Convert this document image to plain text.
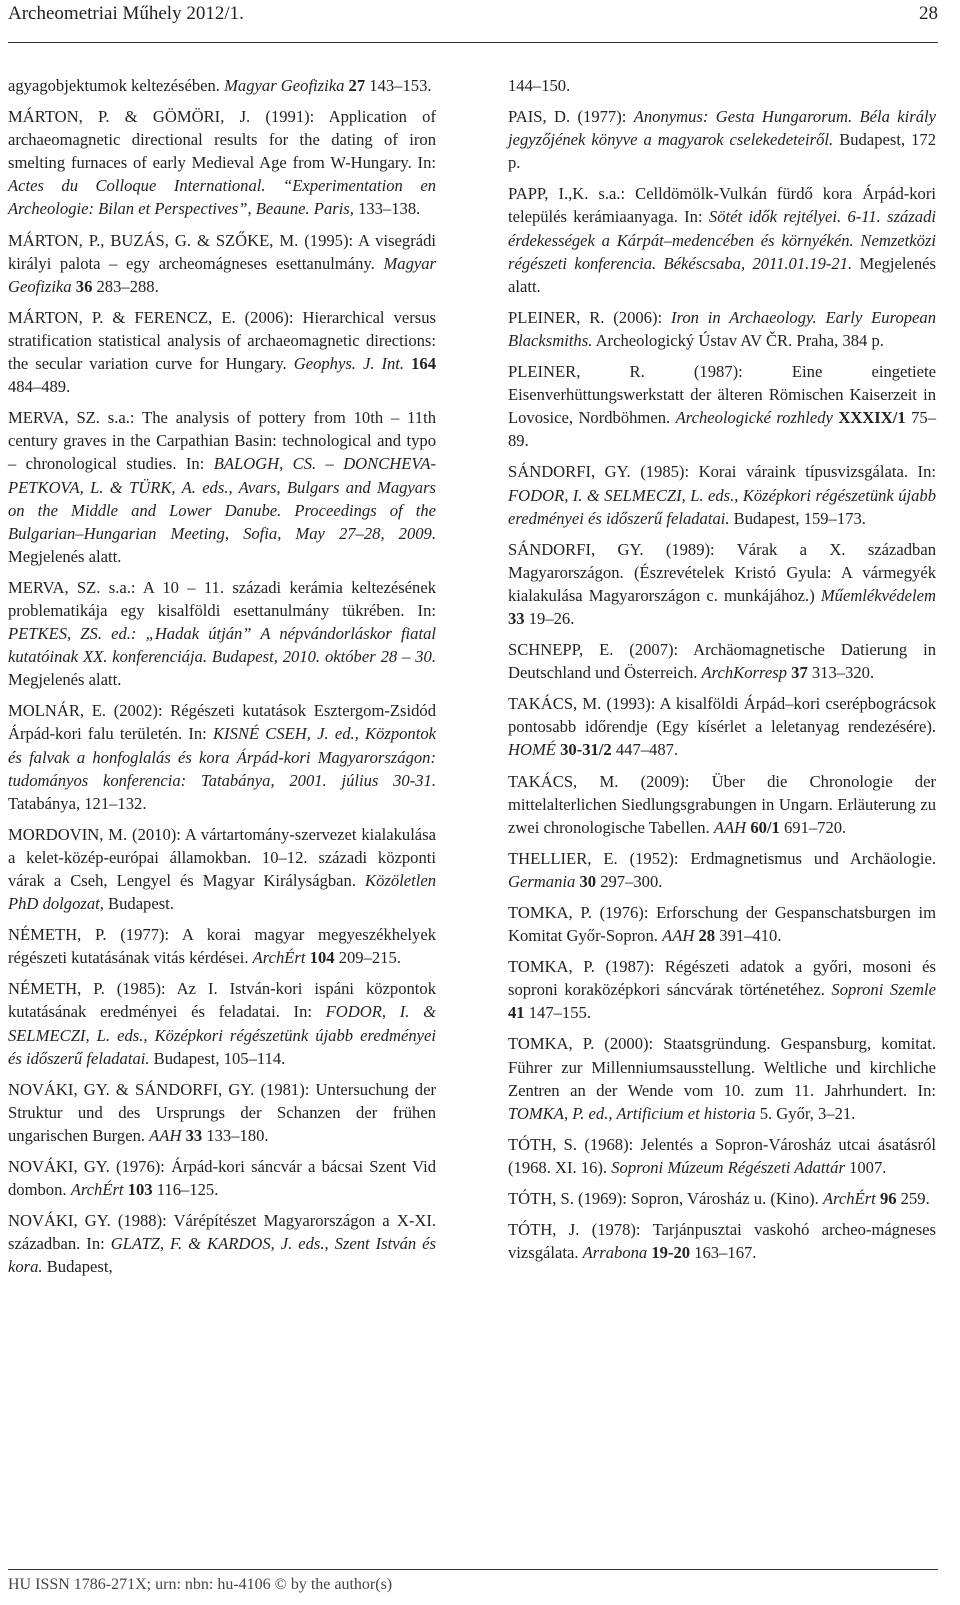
Archeometriai Műhely 2012/1.	28

agyagobjektumok keltezésében. Magyar Geofizika 27 143–153.

MÁRTON, P. & GÖMÖRI, J. (1991): Application of archaeomagnetic directional results for the dating of iron smelting furnaces of early Medieval Age from W-Hungary. In: Actes du Colloque International. “Experimentation en Archeologie: Bilan et Perspectives”, Beaune. Paris, 133–138.

MÁRTON, P., BUZÁS, G. & SZŐKE, M. (1995): A visegrádi királyi palota – egy archeomágneses esettanulmány. Magyar Geofizika 36 283–288.

MÁRTON, P. & FERENCZ, E. (2006): Hierarchical versus stratification statistical analysis of archaeomagnetic directions: the secular variation curve for Hungary. Geophys. J. Int. 164 484–489.

MERVA, SZ. s.a.: The analysis of pottery from 10th – 11th century graves in the Carpathian Basin: technological and typo – chronological studies. In: BALOGH, CS. – DONCHEVA-PETKOVA, L. & TÜRK, A. eds., Avars, Bulgars and Magyars on the Middle and Lower Danube. Proceedings of the Bulgarian–Hungarian Meeting, Sofia, May 27–28, 2009. Megjelenés alatt.

MERVA, SZ. s.a.: A 10 – 11. századi kerámia keltezésének problematikája egy kisalföldi esettanulmány tükrében. In: PETKES, ZS. ed.: „Hadak útján” A népvándorláskor fiatal kutatóinak XX. konferenciája. Budapest, 2010. október 28 – 30. Megjelenés alatt.

MOLNÁR, E. (2002): Régészeti kutatások Esztergom-Zsidód Árpád-kori falu területén. In: KISNÉ CSEH, J. ed., Központok és falvak a honfoglalás és kora Árpád-kori Magyarországon: tudományos konferencia: Tatabánya, 2001. július 30-31. Tatabánya, 121–132.

MORDOVIN, M. (2010): A vártartomány-szervezet kialakulása a kelet-közép-európai államokban. 10–12. századi központi várak a Cseh, Lengyel és Magyar Királyságban. Közöletlen PhD dolgozat, Budapest.

NÉMETH, P. (1977): A korai magyar megyeszékhelyek régészeti kutatásának vitás kérdései. ArchÉrt 104 209–215.

NÉMETH, P. (1985): Az I. István-kori ispáni központok kutatásának eredményei és feladatai. In: FODOR, I. & SELMECZI, L. eds., Középkori régészetünk újabb eredményei és időszerű feladatai. Budapest, 105–114.

NOVÁKI, GY. & SÁNDORFI, GY. (1981): Untersuchung der Struktur und des Ursprungs der Schanzen der frühen ungarischen Burgen. AAH 33 133–180.

NOVÁKI, GY. (1976): Árpád-kori sáncvár a bácsai Szent Vid dombon. ArchÉrt 103 116–125.

NOVÁKI, GY. (1988): Várépítészet Magyarországon a X-XI. században. In: GLATZ, F. & KARDOS, J. eds., Szent István és kora. Budapest,

144–150.

PAIS, D. (1977): Anonymus: Gesta Hungarorum. Béla király jegyzőjének könyve a magyarok cselekedeteiről. Budapest, 172 p.

PAPP, I.,K. s.a.: Celldömölk-Vulkán fürdő kora Árpád-kori település kerámiaanyaga. In: Sötét idők rejtélyei. 6-11. századi érdekességek a Kárpát–medencében és környékén. Nemzetközi régészeti konferencia. Békéscsaba, 2011.01.19-21. Megjelenés alatt.

PLEINER, R. (2006): Iron in Archaeology. Early European Blacksmiths. Archeologický Ústav AV ČR. Praha, 384 p.

PLEINER, R. (1987): Eine eingetiete Eisenverhüttungswerkstatt der älteren Römischen Kaiserzeit in Lovosice, Nordböhmen. Archeologické rozhledy XXXIX/1 75–89.

SÁNDORFI, GY. (1985): Korai váraink típusvizsgálata. In: FODOR, I. & SELMECZI, L. eds., Középkori régészetünk újabb eredményei és időszerű feladatai. Budapest, 159–173.

SÁNDORFI, GY. (1989): Várak a X. században Magyarországon. (Észrevételek Kristó Gyula: A vármegyék kialakulása Magyarországon c. munkájához.) Műemlékvédelem 33 19–26.

SCHNEPP, E. (2007): Archäomagnetische Datierung in Deutschland und Österreich. ArchKorresp 37 313–320.

TAKÁCS, M. (1993): A kisalföldi Árpád–kori cserépbográcsok pontosabb időrendje (Egy kísérlet a leletanyag rendezésére). HOMÉ 30-31/2 447–487.

TAKÁCS, M. (2009): Über die Chronologie der mittelalterlichen Siedlungsgrabungen in Ungarn. Erläuterung zu zwei chronologische Tabellen. AAH 60/1 691–720.

THELLIER, E. (1952): Erdmagnetismus und Archäologie. Germania 30 297–300.

TOMKA, P. (1976): Erforschung der Gespanschatsburgen im Komitat Győr-Sopron. AAH 28 391–410.

TOMKA, P. (1987): Régészeti adatok a győri, mosoni és soproni koraközépkori sáncvárak történetéhez. Soproni Szemle 41 147–155.

TOMKA, P. (2000): Staatsgründung. Gespansburg, komitat. Führer zur Millenniumsausstellung. Weltliche und kirchliche Zentren an der Wende vom 10. zum 11. Jahrhundert. In: TOMKA, P. ed., Artificium et historia 5. Győr, 3–21.

TÓTH, S. (1968): Jelentés a Sopron-Városház utcai ásatásról (1968. XI. 16). Soproni Múzeum Régészeti Adattár 1007.

TÓTH, S. (1969): Sopron, Városház u. (Kino). ArchÉrt 96 259.

TÓTH, J. (1978): Tarjánpusztai vaskohó archeo-mágneses vizsgálata. Arrabona 19-20 163–167.

HU ISSN 1786-271X; urn: nbn: hu-4106 © by the author(s)
